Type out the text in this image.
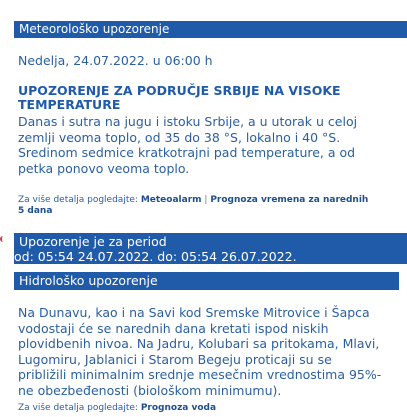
Meteorološko upozorenje
Nedelja, 24.07.2022. u 06:00 h
UPOZORENJE ZA PODRUČJE SRBIJE NA VISOKE
TEMPERATURE
Danas i sutra na jugu i istoku Srbije, a u utorak u celoj
zemlji veoma toplo, od 35 do 38 °S, lokalno i 40 °S.
Sredinom sedmice kratkotrajni pad temperature, a od
petka ponovo veoma toplo.
Za više detalja pogledajte: Meteoalarm | Prognoza vremena za narednih
5 dana
Upozorenje je za period
od: 05:54 24.07.2022. do: 05:54 26.07.2022.
Hidrološko upozorenje
Na Dunavu, kao i na Savi kod Sremske Mitrovice i Šapca
vodostaji će se narednih dana kretati ispod niskih
plovidbenih nivoa. Na Jadru, Kolubari sa pritokama, Mlavi,
Lugomiru, Jablanici i Starom Begeju proticaji su se
približili minimalnim srednje mesečnim vrednostima 95%-
ne obezbeđenosti (biološkom minimumu).
Za više detalja pogledajte: Prognoza voda
